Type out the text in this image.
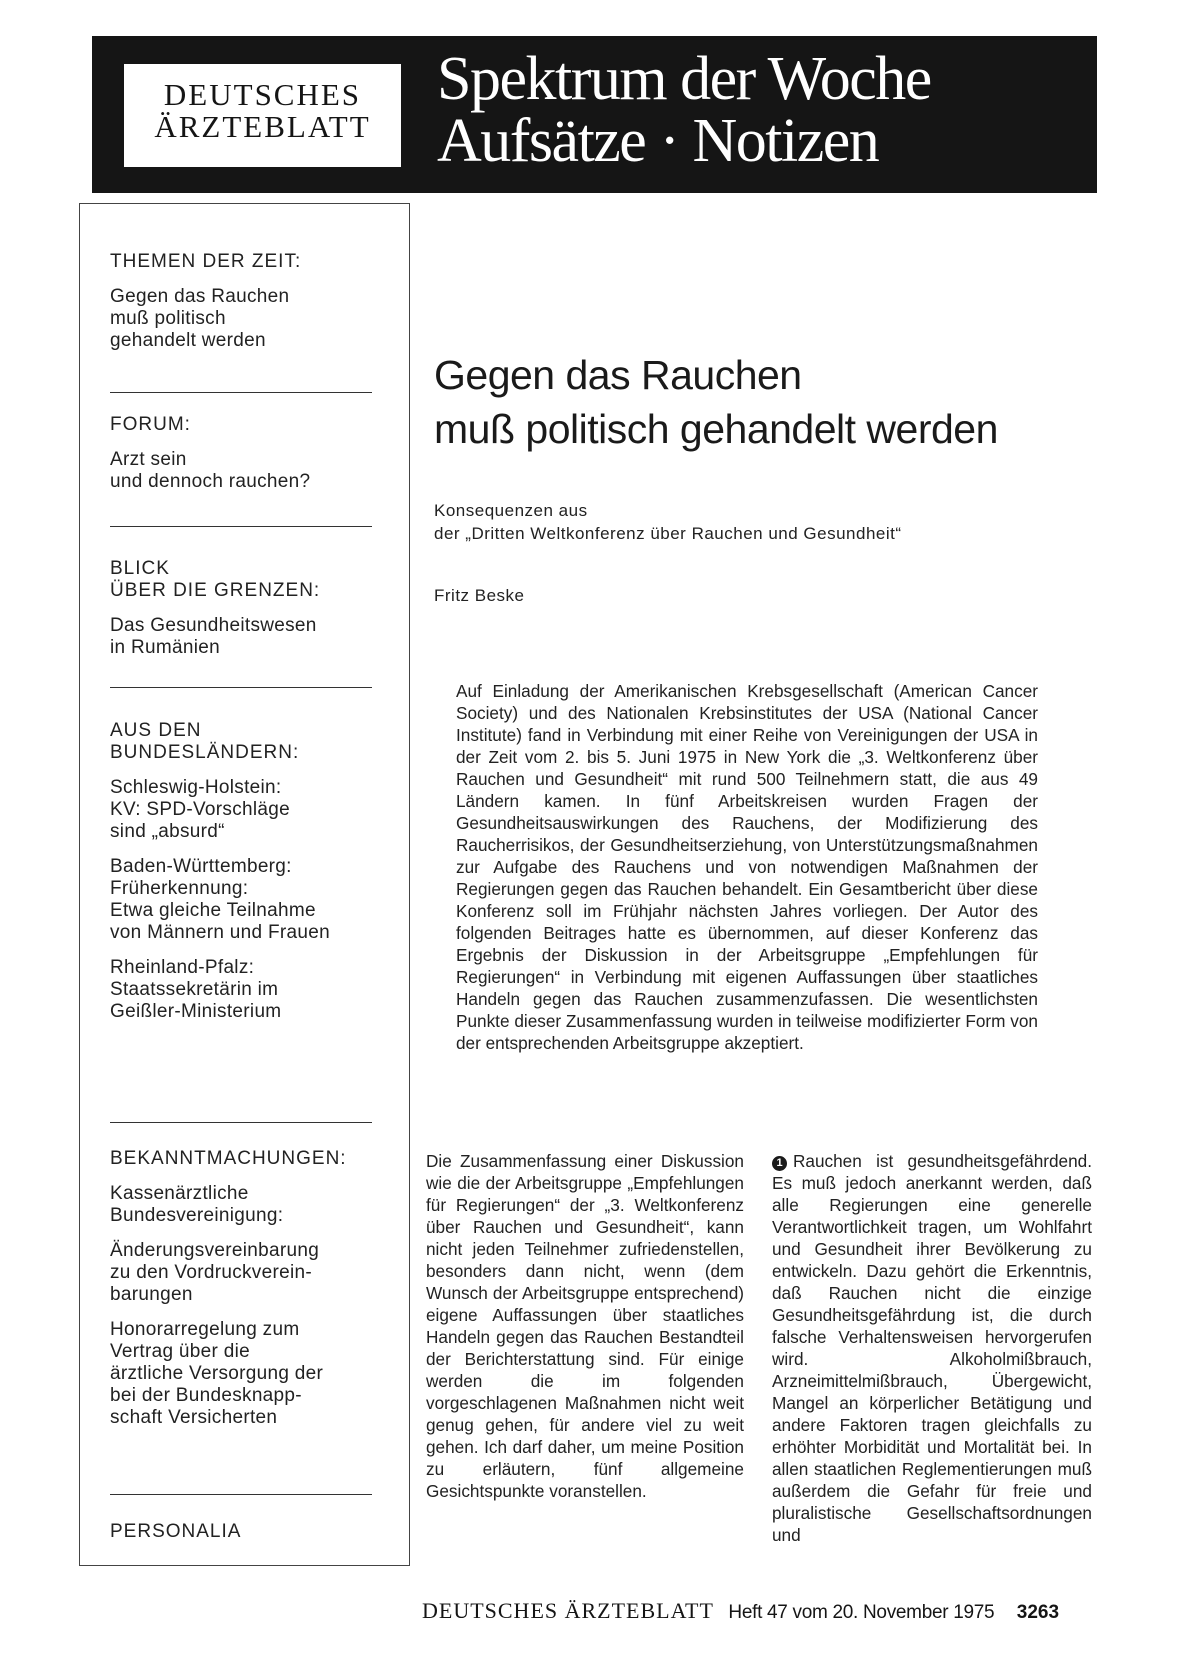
DEUTSCHES
ÄRZTEBLATT
Spektrum der Woche
Aufsätze · Notizen
THEMEN DER ZEIT:
Gegen das Rauchen
muß politisch
gehandelt werden
FORUM:
Arzt sein
und dennoch rauchen?
BLICK
ÜBER DIE GRENZEN:
Das Gesundheitswesen
in Rumänien
AUS DEN
BUNDESLÄNDERN:
Schleswig-Holstein:
KV: SPD-Vorschläge
sind „absurd“
Baden-Württemberg:
Früherkennung:
Etwa gleiche Teilnahme
von Männern und Frauen
Rheinland-Pfalz:
Staatssekretärin im
Geißler-Ministerium
BEKANNTMACHUNGEN:
Kassenärztliche
Bundesvereinigung:
Änderungsvereinbarung
zu den Vordruckverein-
barungen
Honorarregelung zum
Vertrag über die
ärztliche Versorgung der
bei der Bundesknapp-
schaft Versicherten
PERSONALIA
Gegen das Rauchen
muß politisch gehandelt werden
Konsequenzen aus
der „Dritten Weltkonferenz über Rauchen und Gesundheit“
Fritz Beske

Auf Einladung der Amerikanischen Krebsgesellschaft (American Cancer Society) und des Nationalen Krebsinstitutes der USA (National Cancer Institute) fand in Verbindung mit einer Reihe von Vereinigungen der USA in der Zeit vom 2. bis 5. Juni 1975 in New York die „3. Weltkonferenz über Rauchen und Gesundheit“ mit rund 500 Teilnehmern statt, die aus 49 Ländern kamen. In fünf Arbeitskreisen wurden Fragen der Gesundheitsauswirkungen des Rauchens, der Modifizierung des Raucherrisikos, der Gesundheitserziehung, von Unterstützungsmaßnahmen zur Aufgabe des Rauchens und von notwendigen Maßnahmen der Regierungen gegen das Rauchen behandelt. Ein Gesamtbericht über diese Konferenz soll im Frühjahr nächsten Jahres vorliegen. Der Autor des folgenden Beitrages hatte es übernommen, auf dieser Konferenz das Ergebnis der Diskussion in der Arbeitsgruppe „Empfehlungen für Regierungen“ in Verbindung mit eigenen Auffassungen über staatliches Handeln gegen das Rauchen zusammenzufassen. Die wesentlichsten Punkte dieser Zusammenfassung wurden in teilweise modifizierter Form von der entsprechenden Arbeitsgruppe akzeptiert.

Die Zusammenfassung einer Diskussion wie die der Arbeitsgruppe „Empfehlungen für Regierungen“ der „3. Weltkonferenz über Rauchen und Gesundheit“, kann nicht jeden Teilnehmer zufriedenstellen, besonders dann nicht, wenn (dem Wunsch der Arbeitsgruppe entsprechend) eigene Auffassungen über staatliches Handeln gegen das Rauchen Bestandteil der Berichterstattung sind. Für einige werden die im folgenden vorgeschlagenen Maßnahmen nicht weit genug gehen, für andere viel zu weit gehen. Ich darf daher, um meine Position zu erläutern, fünf allgemeine Gesichtspunkte voranstellen.

1 Rauchen ist gesundheitsgefährdend. Es muß jedoch anerkannt werden, daß alle Regierungen eine generelle Verantwortlichkeit tragen, um Wohlfahrt und Gesundheit ihrer Bevölkerung zu entwickeln. Dazu gehört die Erkenntnis, daß Rauchen nicht die einzige Gesundheitsgefährdung ist, die durch falsche Verhaltensweisen hervorgerufen wird. Alkoholmißbrauch, Arzneimittelmißbrauch, Übergewicht, Mangel an körperlicher Betätigung und andere Faktoren tragen gleichfalls zu erhöhter Morbidität und Mortalität bei. In allen staatlichen Reglementierungen muß außerdem die Gefahr für freie und pluralistische Gesellschaftsordnungen und

DEUTSCHES ÄRZTEBLATT Heft 47 vom 20. November 1975 3263
